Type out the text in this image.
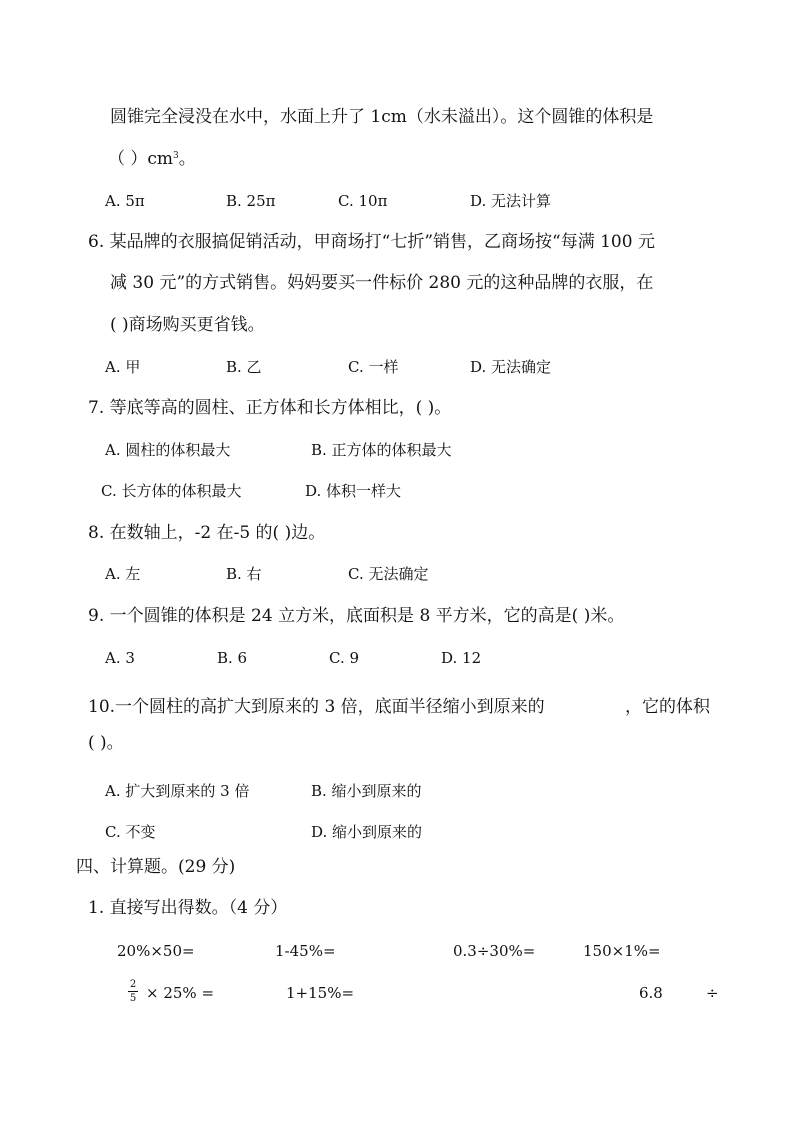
圆锥完全浸没在水中，水面上升了 1cm（水未溢出）。这个圆锥的体积是
（ ）$cm^3$。
A. 5π	B. 25π	C. 10π	D. 无法计算
6. 某品牌的衣服搞促销活动，甲商场打“七折”销售，乙商场按“每满 100 元
减 30 元”的方式销售。妈妈要买一件标价 280 元的这种品牌的衣服，在
( )商场购买更省钱。
A. 甲	B. 乙	C. 一样	D. 无法确定
7. 等底等高的圆柱、正方体和长方体相比，( )。
A. 圆柱的体积最大	B. 正方体的体积最大
C. 长方体的体积最大	D. 体积一样大
8. 在数轴上，-2 在-5 的( )边。
A. 左	B. 右	C. 无法确定
9. 一个圆锥的体积是 24 立方米，底面积是 8 平方米，它的高是( )米。
A. 3	B. 6	C. 9	D. 12
10.一个圆柱的高扩大到原来的 3 倍，底面半径缩小到原来的	，它的体积
( )。
A. 扩大到原来的 3 倍	B. 缩小到原来的
C. 不变	D. 缩小到原来的
四、计算题。(29 分)
1. 直接写出得数。（4 分）
20%×50=	1-45%=	0.3÷30%=	150×1%=
2
5 × 25% =	1+15%=	6.8	÷
